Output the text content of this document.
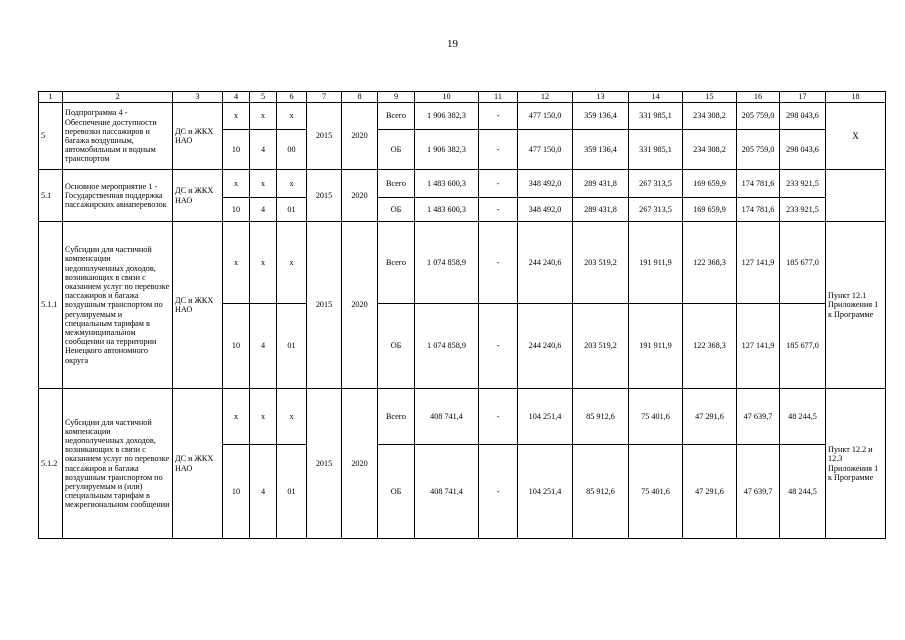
19
1	2	3	4	5	6	7	8	9	10	11	12	13	14	15	16	17	18
5	Подпрограмма 4 - Обеспечение доступности перевозки пассажиров и багажа воздушным, автомобильным и водным транспортом	ДС и ЖКХ НАО	х	х	х	2015	2020	Всего	1 906 382,3	-	477 150,0	359 136,4	331 985,1	234 308,2	205 759,0	298 043,6	Х
			10	4	00			ОБ	1 906 382,3	-	477 150,0	359 136,4	331 985,1	234 308,2	205 759,0	298 043,6	
5.1	Основное мероприятие 1 - Государственная поддержка пассажирских авиаперевозок	ДС и ЖКХ НАО	х	х	х	2015	2020	Всего	1 483 600,3	-	348 492,0	289 431,8	267 313,5	169 659,9	174 781,6	233 921,5	
			10	4	01			ОБ	1 483 600,3	-	348 492,0	289 431,8	267 313,5	169 659,9	174 781,6	233 921,5	
5.1.1	Субсидии для частичной компенсации недополученных доходов, возникающих в связи с оказанием услуг по перевозке пассажиров и багажа воздушным транспортом по регулируемым и специальным тарифам в межмуниципальном сообщении на территории Ненецкого автономного округа	ДС и ЖКХ НАО	х	х	х	2015	2020	Всего	1 074 858,9	-	244 240,6	203 519,2	191 911,9	122 368,3	127 141,9	185 677,0	Пункт 12.1 Приложения 1 к Программе
			10	4	01			ОБ	1 074 858,9	-	244 240,6	203 519,2	191 911,9	122 368,3	127 141,9	185 677,0	
5.1.2	Субсидии для частичной компенсации недополученных доходов, возникающих в связи с оказанием услуг по перевозке пассажиров и багажа воздушным транспортом по регулируемым и (или) специальным тарифам в межрегиональном сообщении	ДС и ЖКХ НАО	х	х	х	2015	2020	Всего	408 741,4	-	104 251,4	85 912,6	75 401,6	47 291,6	47 639,7	48 244,5	Пункт 12.2 и 12.3 Приложения 1 к Программе
			10	4	01			ОБ	408 741,4	-	104 251,4	85 912,6	75 401,6	47 291,6	47 639,7	48 244,5	
